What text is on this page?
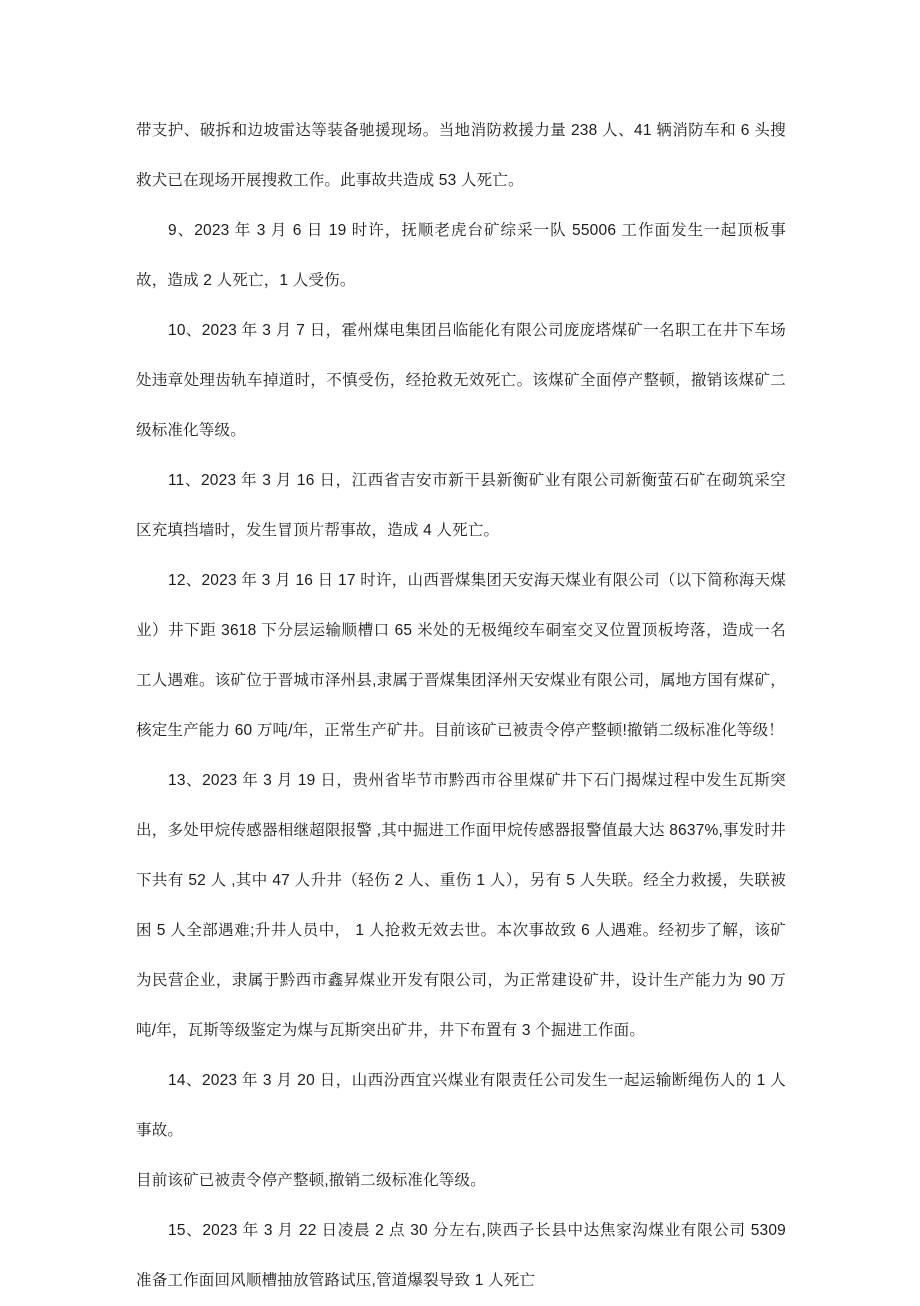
带支护、破拆和边坡雷达等装备驰援现场。当地消防救援力量 238 人、41 辆消防车和 6 头搜救犬已在现场开展搜救工作。此事故共造成 53 人死亡。

9、2023 年 3 月 6 日 19 时许，抚顺老虎台矿综采一队 55006 工作面发生一起顶板事故，造成 2 人死亡，1 人受伤。

10、2023 年 3 月 7 日，霍州煤电集团吕临能化有限公司庞庞塔煤矿一名职工在井下车场处违章处理齿轨车掉道时，不慎受伤，经抢救无效死亡。该煤矿全面停产整顿，撤销该煤矿二级标准化等级。

11、2023 年 3 月 16 日，江西省吉安市新干县新衡矿业有限公司新衡萤石矿在砌筑采空区充填挡墙时，发生冒顶片帮事故，造成 4 人死亡。

12、2023 年 3 月 16 日 17 时许，山西晋煤集团天安海天煤业有限公司（以下简称海天煤业）井下距 3618 下分层运输顺槽口 65 米处的无极绳绞车硐室交叉位置顶板垮落，造成一名工人遇难。该矿位于晋城市泽州县,隶属于晋煤集团泽州天安煤业有限公司，属地方国有煤矿，核定生产能力 60 万吨/年，正常生产矿井。目前该矿已被责令停产整顿!撤销二级标准化等级！

13、2023 年 3 月 19 日，贵州省毕节市黔西市谷里煤矿井下石门揭煤过程中发生瓦斯突出，多处甲烷传感器相继超限报警 ,其中掘进工作面甲烷传感器报警值最大达 8637%,事发时井下共有 52 人 ,其中 47 人升井（轻伤 2 人、重伤 1 人），另有 5 人失联。经全力救援，失联被困 5 人全部遇难;升井人员中， 1 人抢救无效去世。本次事故致 6 人遇难。经初步了解，该矿为民营企业，隶属于黔西市鑫昇煤业开发有限公司，为正常建设矿井，设计生产能力为 90 万吨/年，瓦斯等级鉴定为煤与瓦斯突出矿井，井下布置有 3 个掘进工作面。

14、2023 年 3 月 20 日，山西汾西宜兴煤业有限责任公司发生一起运输断绳伤人的 1 人事故。

目前该矿已被责令停产整顿,撤销二级标准化等级。

15、2023 年 3 月 22 日凌晨 2 点 30 分左右,陕西子长县中达焦家沟煤业有限公司 5309 准备工作面回风顺槽抽放管路试压,管道爆裂导致 1 人死亡
